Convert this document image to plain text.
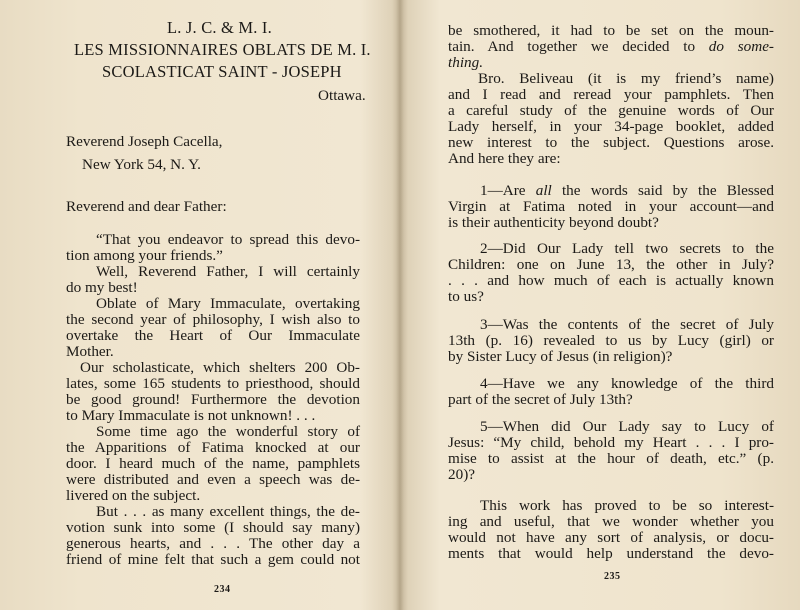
L. J. C. & M. I.
LES MISSIONNAIRES OBLATS DE M. I.
SCOLASTICAT SAINT - JOSEPH
Ottawa.
Reverend Joseph Cacella,
New York 54, N. Y.
Reverend and dear Father:
“That you endeavor to spread this devo-
tion among your friends.”
Well, Reverend Father, I will certainly
do my best!
Oblate of Mary Immaculate, overtaking
the second year of philosophy, I wish also to
overtake the Heart of Our Immaculate
Mother.
Our scholasticate, which shelters 200 Ob-
lates, some 165 students to priesthood, should
be good ground! Furthermore the devotion
to Mary Immaculate is not unknown! . . .
Some time ago the wonderful story of
the Apparitions of Fatima knocked at our
door. I heard much of the name, pamphlets
were distributed and even a speech was de-
livered on the subject.
But . . . as many excellent things, the de-
votion sunk into some (I should say many)
generous hearts, and . . . The other day a
friend of mine felt that such a gem could not
234
be smothered, it had to be set on the moun-
tain. And together we decided to do some-
thing.
Bro. Beliveau (it is my friend’s name)
and I read and reread your pamphlets. Then
a careful study of the genuine words of Our
Lady herself, in your 34-page booklet, added
new interest to the subject. Questions arose.
And here they are:
1—Are all the words said by the Blessed
Virgin at Fatima noted in your account—and
is their authenticity beyond doubt?
2—Did Our Lady tell two secrets to the
Children: one on June 13, the other in July?
. . . and how much of each is actually known
to us?
3—Was the contents of the secret of July
13th (p. 16) revealed to us by Lucy (girl) or
by Sister Lucy of Jesus (in religion)?
4—Have we any knowledge of the third
part of the secret of July 13th?
5—When did Our Lady say to Lucy of
Jesus: “My child, behold my Heart . . . I pro-
mise to assist at the hour of death, etc.” (p.
20)?
This work has proved to be so interest-
ing and useful, that we wonder whether you
would not have any sort of analysis, or docu-
ments that would help understand the devo-
235
